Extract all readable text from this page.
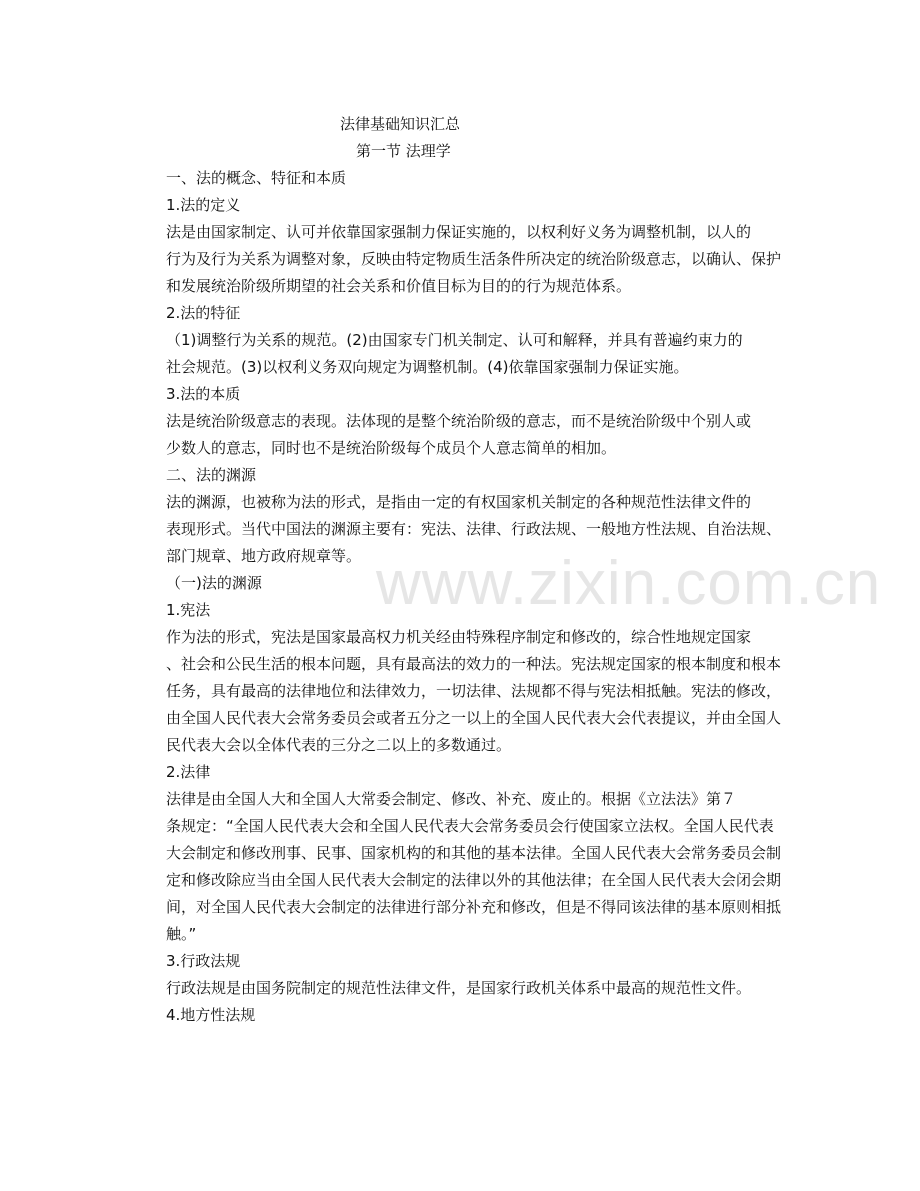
www.zixin.com.cn
法律基础知识汇总
第一节 法理学
一、法的概念、特征和本质
1.法的定义
法是由国家制定、认可并依靠国家强制力保证实施的，以权利好义务为调整机制，以人的
行为及行为关系为调整对象，反映由特定物质生活条件所决定的统治阶级意志，以确认、保护
和发展统治阶级所期望的社会关系和价值目标为目的的行为规范体系。
2.法的特征
（1)调整行为关系的规范。(2)由国家专门机关制定、认可和解释，并具有普遍约束力的
社会规范。(3)以权利义务双向规定为调整机制。(4)依靠国家强制力保证实施。
3.法的本质
法是统治阶级意志的表现。法体现的是整个统治阶级的意志，而不是统治阶级中个别人或
少数人的意志，同时也不是统治阶级每个成员个人意志简单的相加。
二、法的渊源
法的渊源，也被称为法的形式，是指由一定的有权国家机关制定的各种规范性法律文件的
表现形式。当代中国法的渊源主要有：宪法、法律、行政法规、一般地方性法规、自治法规、
部门规章、地方政府规章等。
（一)法的渊源
1.宪法
作为法的形式，宪法是国家最高权力机关经由特殊程序制定和修改的，综合性地规定国家
、社会和公民生活的根本问题，具有最高法的效力的一种法。宪法规定国家的根本制度和根本
任务，具有最高的法律地位和法律效力，一切法律、法规都不得与宪法相抵触。宪法的修改，
由全国人民代表大会常务委员会或者五分之一以上的全国人民代表大会代表提议，并由全国人
民代表大会以全体代表的三分之二以上的多数通过。
2.法律
法律是由全国人大和全国人大常委会制定、修改、补充、废止的。根据《立法法》第７
条规定：“全国人民代表大会和全国人民代表大会常务委员会行使国家立法权。全国人民代表
大会制定和修改刑事、民事、国家机构的和其他的基本法律。全国人民代表大会常务委员会制
定和修改除应当由全国人民代表大会制定的法律以外的其他法律；在全国人民代表大会闭会期
间，对全国人民代表大会制定的法律进行部分补充和修改，但是不得同该法律的基本原则相抵
触。”
3.行政法规
行政法规是由国务院制定的规范性法律文件，是国家行政机关体系中最高的规范性文件。
4.地方性法规
